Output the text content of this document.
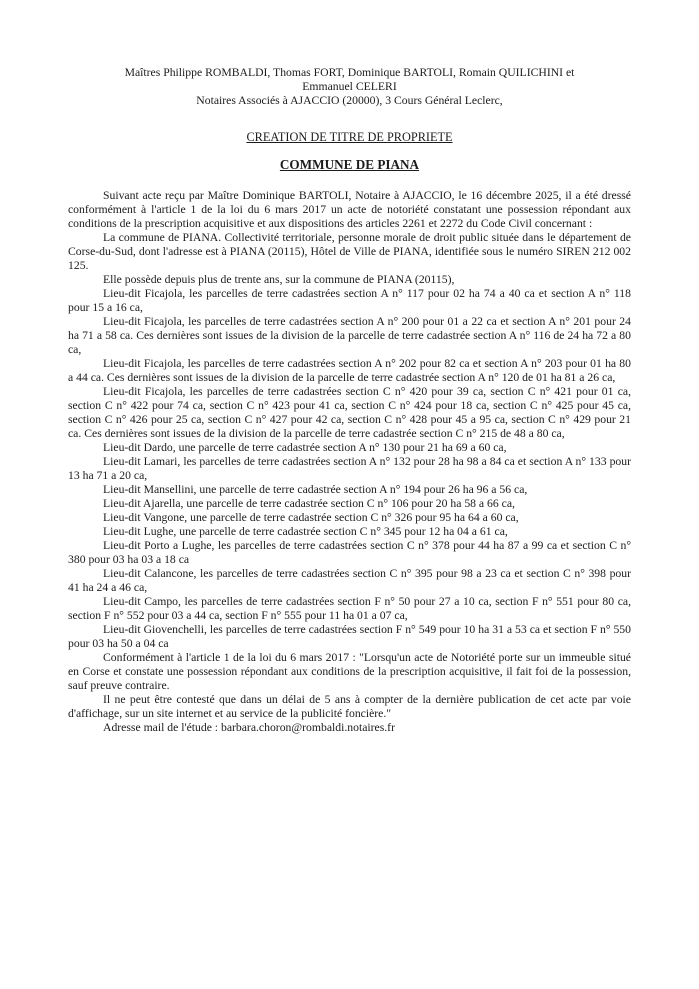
Maîtres Philippe ROMBALDI, Thomas FORT, Dominique BARTOLI, Romain QUILICHINI et
Emmanuel CELERI
Notaires Associés à AJACCIO (20000), 3 Cours Général Leclerc,
CREATION DE TITRE DE PROPRIETE
COMMUNE DE PIANA

Suivant acte reçu par Maître Dominique BARTOLI, Notaire à AJACCIO, le 16 décembre 2025, il a été dressé conformément à l'article 1 de la loi du 6 mars 2017 un acte de notoriété constatant une possession répondant aux conditions de la prescription acquisitive et aux dispositions des articles 2261 et 2272 du Code Civil concernant :

La commune de PIANA. Collectivité territoriale, personne morale de droit public située dans le département de Corse-du-Sud, dont l'adresse est à PIANA (20115), Hôtel de Ville de PIANA, identifiée sous le numéro SIREN 212 002 125.

Elle possède depuis plus de trente ans, sur la commune de PIANA (20115),

Lieu-dit Ficajola, les parcelles de terre cadastrées section A n° 117 pour 02 ha 74 a 40 ca et section A n° 118 pour 15 a 16 ca,

Lieu-dit Ficajola, les parcelles de terre cadastrées section A n° 200 pour 01 a 22 ca et section A n° 201 pour 24 ha 71 a 58 ca. Ces dernières sont issues de la division de la parcelle de terre cadastrée section A n° 116 de 24 ha 72 a 80 ca,

Lieu-dit Ficajola, les parcelles de terre cadastrées section A n° 202 pour 82 ca et section A n° 203 pour 01 ha 80 a 44 ca. Ces dernières sont issues de la division de la parcelle de terre cadastrée section A n° 120 de 01 ha 81 a 26 ca,

Lieu-dit Ficajola, les parcelles de terre cadastrées section C n° 420 pour 39 ca, section C n° 421 pour 01 ca, section C n° 422 pour 74 ca, section C n° 423 pour 41 ca, section C n° 424 pour 18 ca, section C n° 425 pour 45 ca, section C n° 426 pour 25 ca, section C n° 427 pour 42 ca, section C n° 428 pour 45 a 95 ca, section C n° 429 pour 21 ca. Ces dernières sont issues de la division de la parcelle de terre cadastrée section C n° 215 de 48 a 80 ca,

Lieu-dit Dardo, une parcelle de terre cadastrée section A n° 130 pour 21 ha 69 a 60 ca,

Lieu-dit Lamari, les parcelles de terre cadastrées section A n° 132 pour 28 ha 98 a 84 ca et section A n° 133 pour 13 ha 71 a 20 ca,

Lieu-dit Mansellini, une parcelle de terre cadastrée section A n° 194 pour 26 ha 96 a 56 ca,

Lieu-dit Ajarella, une parcelle de terre cadastrée section C n° 106 pour 20 ha 58 a 66 ca,

Lieu-dit Vangone, une parcelle de terre cadastrée section C n° 326 pour 95 ha 64 a 60 ca,

Lieu-dit Lughe, une parcelle de terre cadastrée section C n° 345 pour 12 ha 04 a 61 ca,

Lieu-dit Porto a Lughe, les parcelles de terre cadastrées section C n° 378 pour 44 ha 87 a 99 ca et section C n° 380 pour 03 ha 03 a 18 ca

Lieu-dit Calancone, les parcelles de terre cadastrées section C n° 395 pour 98 a 23 ca et section C n° 398 pour 41 ha 24 a 46 ca,

Lieu-dit Campo, les parcelles de terre cadastrées section F n° 50 pour 27 a 10 ca, section F n° 551 pour 80 ca, section F n° 552 pour 03 a 44 ca, section F n° 555 pour 11 ha 01 a 07 ca,

Lieu-dit Giovenchelli, les parcelles de terre cadastrées section F n° 549 pour 10 ha 31 a 53 ca et section F n° 550 pour 03 ha 50 a 04 ca

Conformément à l'article 1 de la loi du 6 mars 2017 : "Lorsqu'un acte de Notoriété porte sur un immeuble situé en Corse et constate une possession répondant aux conditions de la prescription acquisitive, il fait foi de la possession, sauf preuve contraire.

Il ne peut être contesté que dans un délai de 5 ans à compter de la dernière publication de cet acte par voie d'affichage, sur un site internet et au service de la publicité foncière."

Adresse mail de l'étude : barbara.choron@rombaldi.notaires.fr
